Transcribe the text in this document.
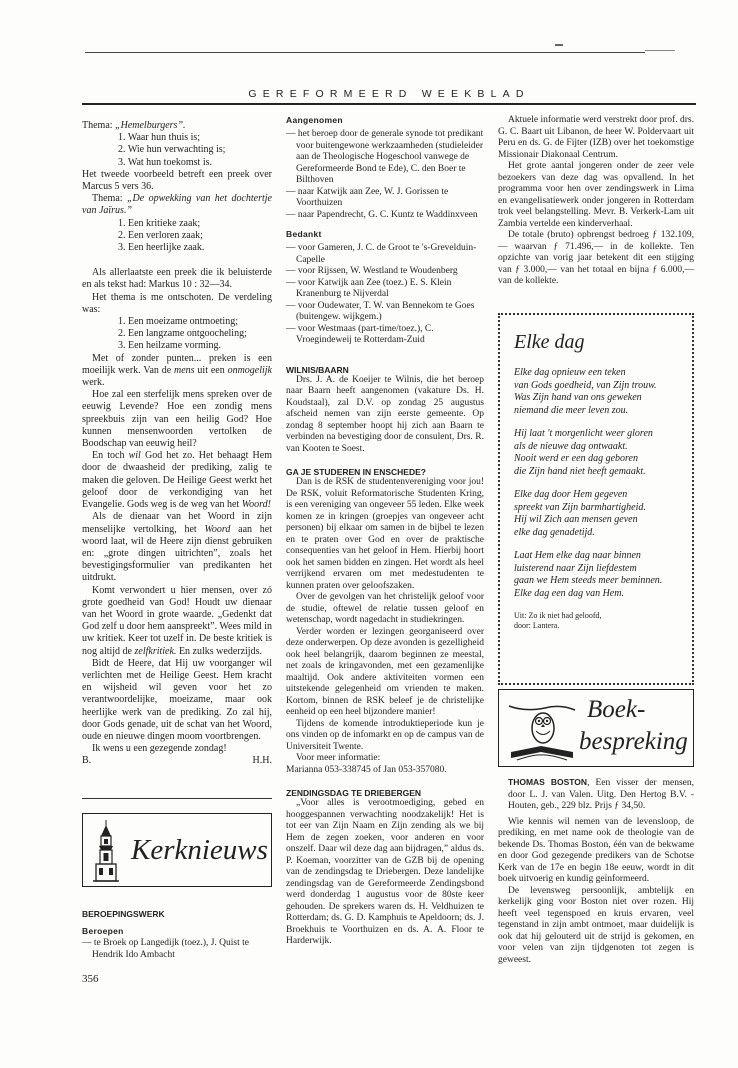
GEREFORMEERD WEEKBLAD

Thema: „Hemelburgers”.

1. Waar hun thuis is;

2. Wie hun verwachting is;

3. Wat hun toekomst is.

Het tweede voorbeeld betreft een preek over Marcus 5 vers 36.

Thema: „De opwekking van het dochtertje van Jaïrus.”

1. Een kritieke zaak;

2. Een verloren zaak;

3. Een heerlijke zaak.

Als allerlaatste een preek die ik beluisterde en als tekst had: Markus 10 : 32—34.

Het thema is me ontschoten. De verdeling was:

1. Een moeizame ontmoeting;

2. Een langzame ontgoocheling;

3. Een heilzame vorming.

Met of zonder punten... preken is een moeilijk werk. Van de mens uit een onmogelijk werk.

Hoe zal een sterfelijk mens spreken over de eeuwig Levende? Hoe een zondig mens spreekbuis zijn van een heilig God? Hoe kunnen mensenwoorden vertolken de Boodschap van eeuwig heil?

En toch wil God het zo. Het behaagt Hem door de dwaasheid der prediking, zalig te maken die geloven. De Heilige Geest werkt het geloof door de verkondiging van het Evangelie. Gods weg is de weg van het Woord!

Als de dienaar van het Woord in zijn menselijke vertolking, het Woord aan het woord laat, wil de Heere zijn dienst gebruiken en: „grote dingen uitrichten”, zoals het bevestigingsformulier van predikanten het uitdrukt.

Komt verwondert u hier mensen, over zó grote goedheid van God! Houdt uw dienaar van het Woord in grote waarde. „Gedenkt dat God zelf u door hem aanspreekt”. Wees mild in uw kritiek. Keer tot uzelf in. De beste kritiek is nog altijd de zelfkritiek. En zulks wederzijds.

Bidt de Heere, dat Hij uw voorganger wil verlichten met de Heilige Geest. Hem kracht en wijsheid wil geven voor het zo verantwoordelijke, moeizame, maar ook heerlijke werk van de prediking. Zo zal hij, door Gods genade, uit de schat van het Woord, oude en nieuwe dingen moom voortbrengen.

Ik wens u een gezegende zondag!

B.	H.H.
Kerknieuws

BEROEPINGSWERK

Beroepen

— te Broek op Langedijk (toez.), J. Quist te Hendrik Ido Ambacht

356

Aangenomen

— het beroep door de generale synode tot predikant voor buitengewone werkzaamheden (studieleider aan de Theologische Hogeschool vanwege de Gereformeerde Bond te Ede), C. den Boer te Bilthoven

— naar Katwijk aan Zee, W. J. Gorissen te Voorthuizen

— naar Papendrecht, G. C. Kuntz te Waddinxveen

Bedankt

— voor Gameren, J. C. de Groot te 's-Grevelduin-Capelle

— voor Rijssen, W. Westland te Woudenberg

— voor Katwijk aan Zee (toez.) E. S. Klein Kranenburg te Nijverdal

— voor Oudewater, T. W. van Bennekom te Goes (buitengew. wijkgem.)

— voor Westmaas (part-time/toez.), C. Vroegindeweij te Rotterdam-Zuid

WILNIS/BAARN

Drs. J. A. de Koeijer te Wilnis, die het beroep naar Baarn heeft aangenomen (vakature Ds. H. Koudstaal), zal D.V. op zondag 25 augustus afscheid nemen van zijn eerste gemeente. Op zondag 8 september hoopt hij zich aan Baarn te verbinden na bevestiging door de consulent, Drs. R. van Kooten te Soest.

GA JE STUDEREN IN ENSCHEDE?

Dan is de RSK de studentenvereniging voor jou! De RSK, voluit Reformatorische Studenten Kring, is een vereniging van ongeveer 55 leden. Elke week komen ze in kringen (groepjes van ongeveer acht personen) bij elkaar om samen in de bijbel te lezen en te praten over God en over de praktische consequenties van het geloof in Hem. Hierbij hoort ook het samen bidden en zingen. Het wordt als heel verrijkend ervaren om met medestudenten te kunnen praten over geloofszaken.

Over de gevolgen van het christelijk geloof voor de studie, oftewel de relatie tussen geloof en wetenschap, wordt nagedacht in studiekringen.

Verder worden er lezingen georganiseerd over deze onderwerpen. Op deze avonden is gezelligheid ook heel belangrijk, daarom beginnen ze meestal, net zoals de kringavonden, met een gezamenlijke maaltijd. Ook andere aktiviteiten vormen een uitstekende gelegenheid om vrienden te maken. Kortom, binnen de RSK beleef je de christelijke eenheid op een heel bijzondere manier!

Tijdens de komende introduktieperiode kun je ons vinden op de infomarkt en op de campus van de Universiteit Twente.

Voor meer informatie:

Marianna 053-338745 of Jan 053-357080.

ZENDINGSDAG TE DRIEBERGEN

„Voor alles is verootmoediging, gebed en hooggespannen verwachting noodzakelijk! Het is tot eer van Zijn Naam en Zijn zending als we bij Hem de zegen zoeken, voor anderen en voor onszelf. Daar wil deze dag aan bijdragen,” aldus ds. P. Koeman, voorzitter van de GZB bij de opening van de zendingsdag te Driebergen. Deze landelijke zendingsdag van de Gereformeerde Zendingsbond werd donderdag 1 augustus voor de 80ste keer gehouden. De sprekers waren ds. H. Veldhuizen te Rotterdam; ds. G. D. Kamphuis te Apeldoorn; ds. J. Broekhuis te Voorthuizen en ds. A. A. Floor te Harderwijk.

Aktuele informatie werd verstrekt door prof. drs. G. C. Baart uit Libanon, de heer W. Poldervaart uit Peru en ds. G. de Fijter (IZB) over het toekomstige Missionair Diakonaal Centrum.

Het grote aantal jongeren onder de zeer vele bezoekers van deze dag was opvallend. In het programma voor hen over zendingswerk in Lima en evangelisatiewerk onder jongeren in Rotterdam trok veel belangstelling. Mevr. B. Verkerk-Lam uit Zambia vertelde een kinderverhaal.

De totale (bruto) opbrengst bedroeg ƒ 132.109,— waarvan ƒ 71.496,— in de kollekte. Ten opzichte van vorig jaar betekent dit een stijging van ƒ 3.000,— van het totaal en bijna ƒ 6.000,— van de kollekte.

Elke dag

Elke dag opnieuw een teken

van Gods goedheid, van Zijn trouw.

Was Zijn hand van ons geweken

niemand die meer leven zou.

Hij laat 't morgenlicht weer gloren

als de nieuwe dag ontwaakt.

Nooit werd er een dag geboren

die Zijn hand niet heeft gemaakt.

Elke dag door Hem gegeven

spreekt van Zijn barmhartigheid.

Hij wil Zich aan mensen geven

elke dag genadetijd.

Laat Hem elke dag naar binnen

luisterend naar Zijn liefdestem

gaan we Hem steeds meer beminnen.

Elke dag een dag van Hem.

Uit: Zo ik niet had geloofd,

door: Lantera.

Boek-
bespreking

THOMAS BOSTON, Een visser der mensen, door L. J. van Valen. Uitg. Den Hertog B.V. - Houten, geb., 229 blz. Prijs ƒ 34,50.

Wie kennis wil nemen van de levensloop, de prediking, en met name ook de theologie van de bekende Ds. Thomas Boston, één van de bekwame en door God gezegende predikers van de Schotse Kerk van de 17e en begin 18e eeuw, wordt in dit boek uitvoerig en kundig geïnformeerd.

De levensweg persoonlijk, ambtelijk en kerkelijk ging voor Boston niet over rozen. Hij heeft veel tegenspoed en kruis ervaren, veel tegenstand in zijn ambt ontmoet, maar duidelijk is ook dat hij gelouterd uit de strijd is gekomen, en voor velen van zijn tijdgenoten tot zegen is geweest.
